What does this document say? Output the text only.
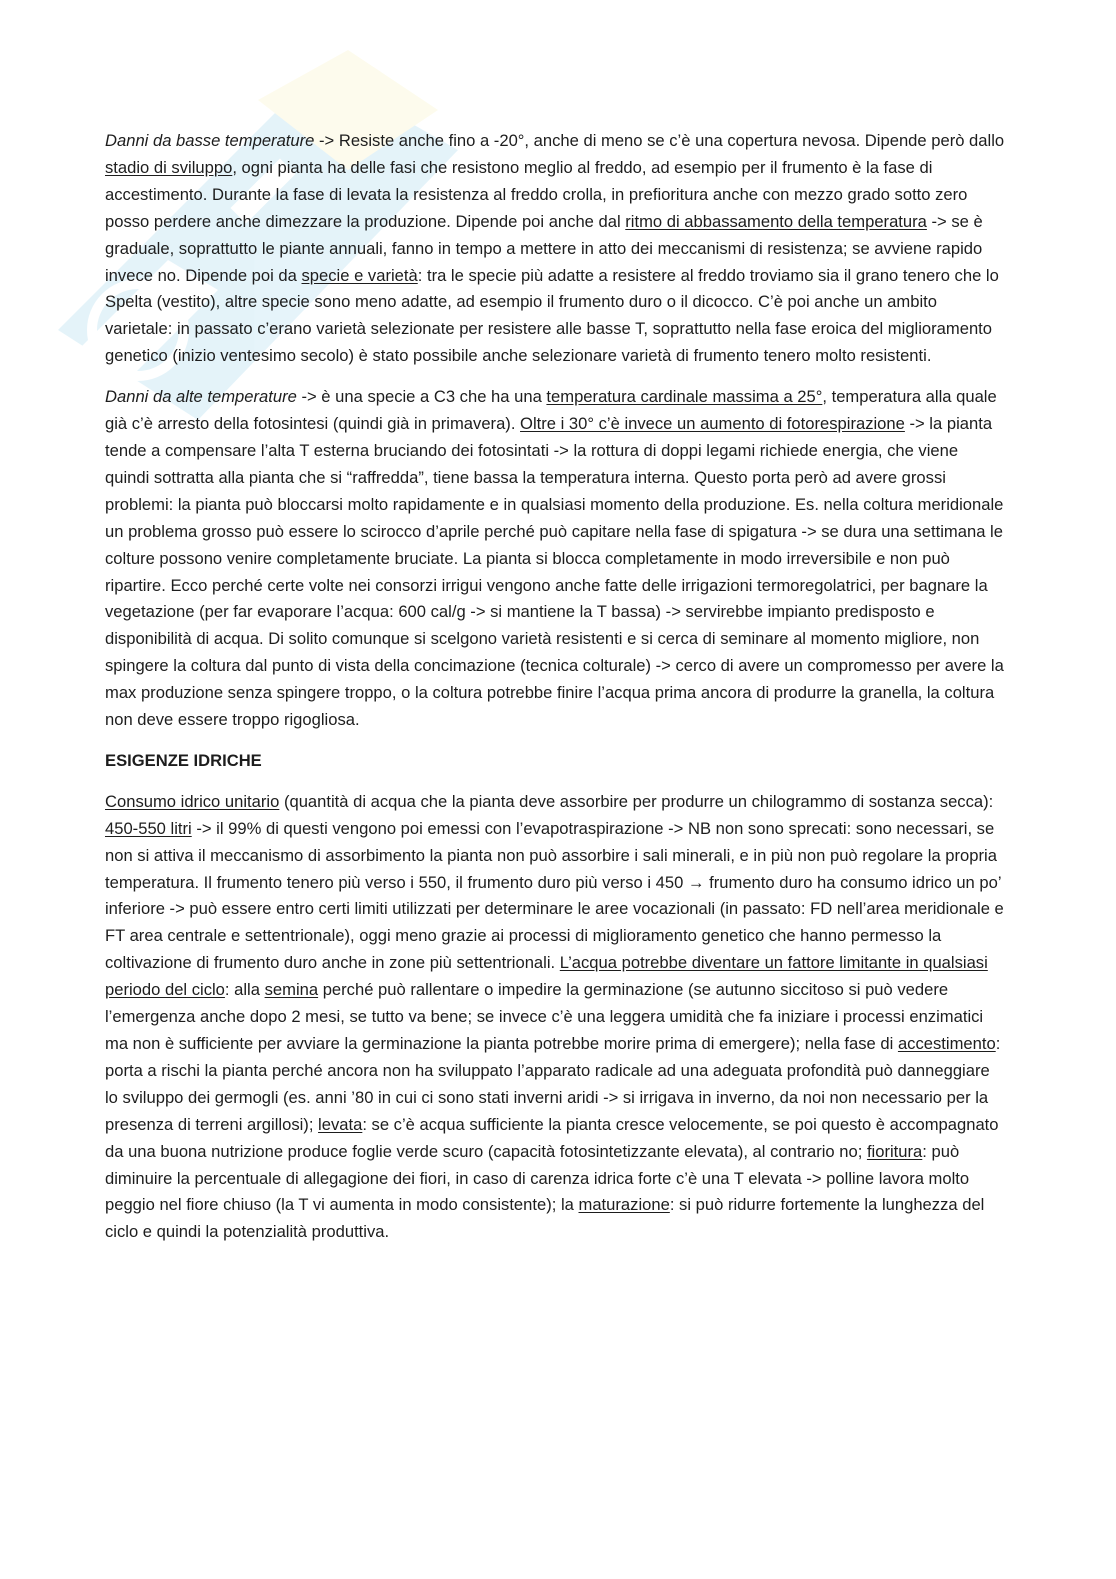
Danni da basse temperature -> Resiste anche fino a -20°, anche di meno se c’è una copertura nevosa. Dipende però dallo stadio di sviluppo, ogni pianta ha delle fasi che resistono meglio al freddo, ad esempio per il frumento è la fase di accestimento. Durante la fase di levata la resistenza al freddo crolla, in prefioritura anche con mezzo grado sotto zero posso perdere anche dimezzare la produzione. Dipende poi anche dal ritmo di abbassamento della temperatura -> se è graduale, soprattutto le piante annuali, fanno in tempo a mettere in atto dei meccanismi di resistenza; se avviene rapido invece no. Dipende poi da specie e varietà: tra le specie più adatte a resistere al freddo troviamo sia il grano tenero che lo Spelta (vestito), altre specie sono meno adatte, ad esempio il frumento duro o il dicocco. C’è poi anche un ambito varietale: in passato c’erano varietà selezionate per resistere alle basse T, soprattutto nella fase eroica del miglioramento genetico (inizio ventesimo secolo) è stato possibile anche selezionare varietà di frumento tenero molto resistenti.

Danni da alte temperature -> è una specie a C3 che ha una temperatura cardinale massima a 25°, temperatura alla quale già c’è arresto della fotosintesi (quindi già in primavera). Oltre i 30° c’è invece un aumento di fotorespirazione -> la pianta tende a compensare l’alta T esterna bruciando dei fotosintati -> la rottura di doppi legami richiede energia, che viene quindi sottratta alla pianta che si “raffredda”, tiene bassa la temperatura interna. Questo porta però ad avere grossi problemi: la pianta può bloccarsi molto rapidamente e in qualsiasi momento della produzione. Es. nella coltura meridionale un problema grosso può essere lo scirocco d’aprile perché può capitare nella fase di spigatura -> se dura una settimana le colture possono venire completamente bruciate. La pianta si blocca completamente in modo irreversibile e non può ripartire. Ecco perché certe volte nei consorzi irrigui vengono anche fatte delle irrigazioni termoregolatrici, per bagnare la vegetazione (per far evaporare l’acqua: 600 cal/g -> si mantiene la T bassa) -> servirebbe impianto predisposto e disponibilità di acqua. Di solito comunque si scelgono varietà resistenti e si cerca di seminare al momento migliore, non spingere la coltura dal punto di vista della concimazione (tecnica colturale) -> cerco di avere un compromesso per avere la max produzione senza spingere troppo, o la coltura potrebbe finire l’acqua prima ancora di produrre la granella, la coltura non deve essere troppo rigogliosa.

ESIGENZE IDRICHE

Consumo idrico unitario (quantità di acqua che la pianta deve assorbire per produrre un chilogrammo di sostanza secca): 450-550 litri -> il 99% di questi vengono poi emessi con l’evapotraspirazione -> NB non sono sprecati: sono necessari, se non si attiva il meccanismo di assorbimento la pianta non può assorbire i sali minerali, e in più non può regolare la propria temperatura. Il frumento tenero più verso i 550, il frumento duro più verso i 450 → frumento duro ha consumo idrico un po’ inferiore -> può essere entro certi limiti utilizzati per determinare le aree vocazionali (in passato: FD nell’area meridionale e FT area centrale e settentrionale), oggi meno grazie ai processi di miglioramento genetico che hanno permesso la coltivazione di frumento duro anche in zone più settentrionali. L’acqua potrebbe diventare un fattore limitante in qualsiasi periodo del ciclo: alla semina perché può rallentare o impedire la germinazione (se autunno siccitoso si può vedere l’emergenza anche dopo 2 mesi, se tutto va bene; se invece c’è una leggera umidità che fa iniziare i processi enzimatici ma non è sufficiente per avviare la germinazione la pianta potrebbe morire prima di emergere); nella fase di accestimento: porta a rischi la pianta perché ancora non ha sviluppato l’apparato radicale ad una adeguata profondità può danneggiare lo sviluppo dei germogli (es. anni ’80 in cui ci sono stati inverni aridi -> si irrigava in inverno, da noi non necessario per la presenza di terreni argillosi); levata: se c’è acqua sufficiente la pianta cresce velocemente, se poi questo è accompagnato da una buona nutrizione produce foglie verde scuro (capacità fotosintetizzante elevata), al contrario no; fioritura: può diminuire la percentuale di allegagione dei fiori, in caso di carenza idrica forte c’è una T elevata -> polline lavora molto peggio nel fiore chiuso (la T vi aumenta in modo consistente); la maturazione: si può ridurre fortemente la lunghezza del ciclo e quindi la potenzialità produttiva.
